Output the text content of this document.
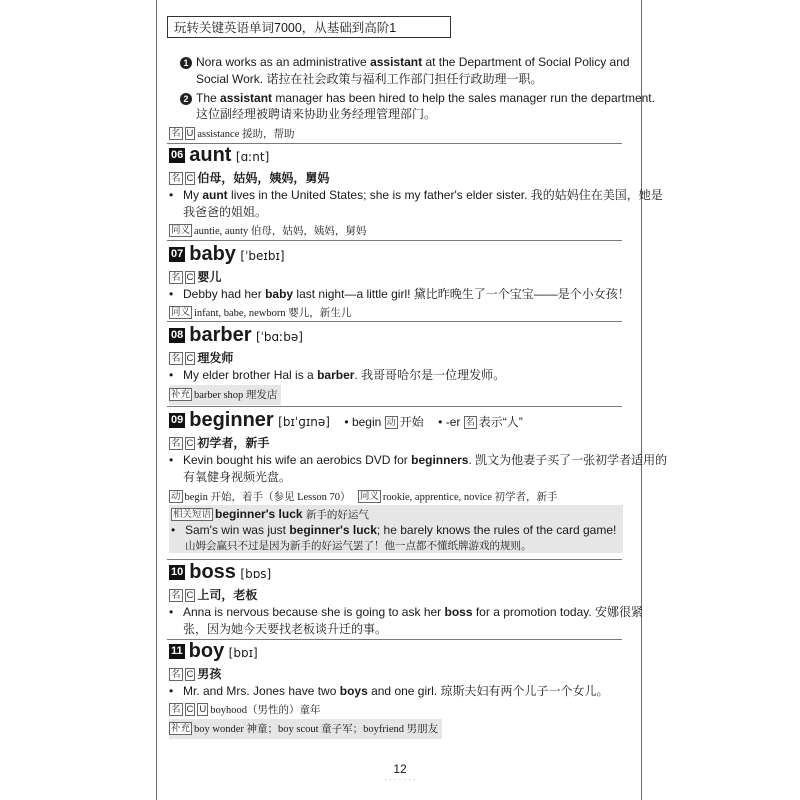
玩转关键英语单词7000，从基础到高阶1
1 Nora works as an administrative assistant at the Department of Social Policy and
Social Work. 诺拉在社会政策与福利工作部门担任行政助理一职。
2 The assistant manager has been hired to help the sales manager run the department.
这位副经理被聘请来协助业务经理管理部门。
名 U assistance 援助，帮助
06 aunt [ɑːnt]
名 C 伯母，姑妈，姨妈，舅妈
• My aunt lives in the United States; she is my father's elder sister. 我的姑妈住在美国，她是
我爸爸的姐姐。
同义 auntie, aunty 伯母，姑妈，姨妈，舅妈
07 baby [ˈbeɪbɪ]
名 C 婴儿
• Debby had her baby last night—a little girl! 黛比昨晚生了一个宝宝——是个小女孩！
同义 infant, babe, newborn 婴儿，新生儿
08 barber [ˈbɑːbə]
名 C 理发师
• My elder brother Hal is a barber. 我哥哥哈尔是一位理发师。
补充 barber shop 理发店
09 beginner [bɪˈɡɪnə] • begin 动 开始 • -er 名 表示“人”
名 C 初学者，新手
• Kevin bought his wife an aerobics DVD for beginners. 凯文为他妻子买了一张初学者适用的
有氧健身视频光盘。
动 begin 开始，着手（参见 Lesson 70） 同义 rookie, apprentice, novice 初学者，新手
相关短语 beginner's luck 新手的好运气
• Sam's win was just beginner's luck; he barely knows the rules of the card game!
山姆会赢只不过是因为新手的好运气罢了！他一点都不懂纸牌游戏的规则。
10 boss [bɒs]
名 C 上司，老板
• Anna is nervous because she is going to ask her boss for a promotion today. 安娜很紧
张，因为她今天要找老板谈升迁的事。
11 boy [bɒɪ]
名 C 男孩
• Mr. and Mrs. Jones have two boys and one girl. 琼斯夫妇有两个儿子一个女儿。
名 C U boyhood（男性的）童年
补充 boy wonder 神童；boy scout 童子军；boyfriend 男朋友
12
· · · · · · ·
